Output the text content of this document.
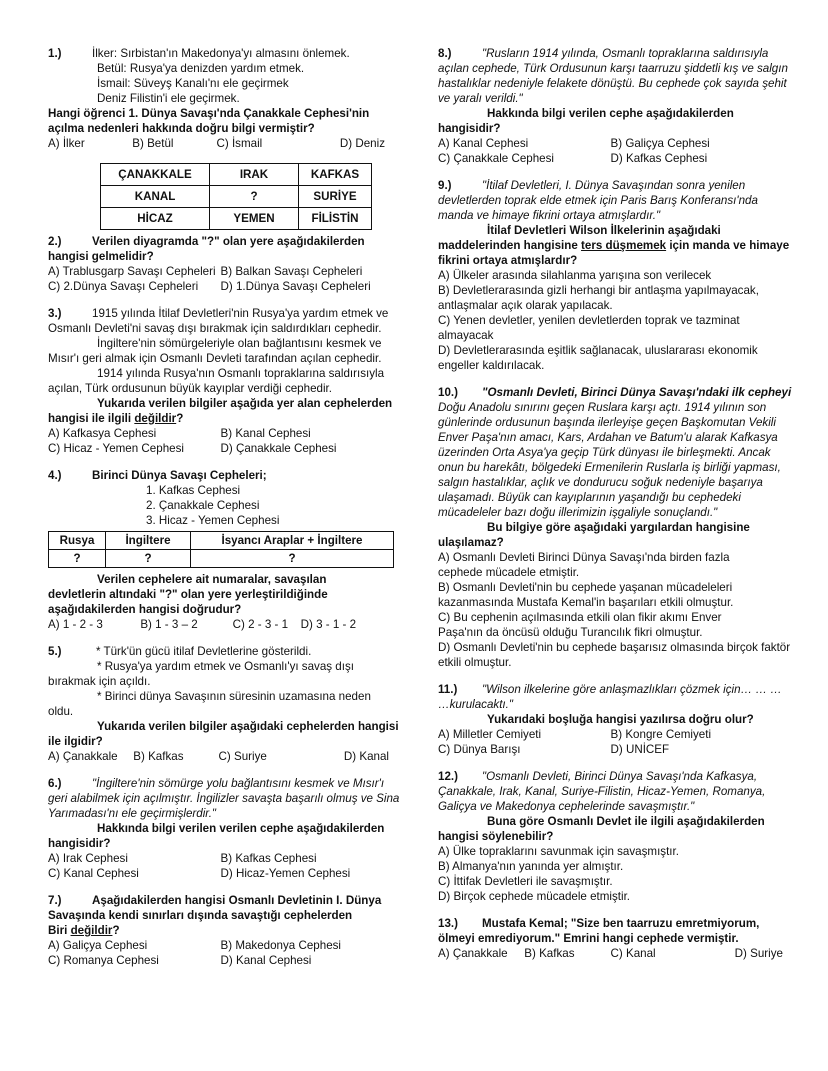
1.)	İlker: Sırbistan'ın Makedonya'yı almasını önlemek.
Betül: Rusya'ya denizden yardım etmek.
İsmail: Süveyş Kanalı'nı ele geçirmek
Deniz Filistin'i ele geçirmek.
Hangi öğrenci 1. Dünya Savaşı'nda Çanakkale Cephesi'nin
açılma nedenleri hakkında doğru bilgi vermiştir?
A) İlker	B) Betül	C) İsmail	D) Deniz
ÇANAKKALE	IRAK	KAFKAS
KANAL	?	SURİYE
HİCAZ	YEMEN	FİLİSTİN
2.)	Verilen diyagramda "?" olan yere aşağıdakilerden
hangisi gelmelidir?
A) Trablusgarp Savaşı Cepheleri B) Balkan Savaşı Cepheleri
C) 2.Dünya Savaşı Cepheleri	D) 1.Dünya Savaşı Cepheleri
3.)	1915 yılında İtilaf Devletleri'nin Rusya'ya yardım etmek ve
Osmanlı Devleti'ni savaş dışı bırakmak için saldırdıkları cephedir.
İngiltere'nin sömürgeleriyle olan bağlantısını kesmek ve
Mısır'ı geri almak için Osmanlı Devleti tarafından açılan cephedir.
1914 yılında Rusya'nın Osmanlı topraklarına saldırısıyla
açılan, Türk ordusunun büyük kayıplar verdiği cephedir.
Yukarıda verilen bilgiler aşağıda yer alan cephelerden
hangisi ile ilgili değildir?
A) Kafkasya Cephesi	B) Kanal Cephesi
C) Hicaz - Yemen Cephesi	D) Çanakkale Cephesi
4.)	Birinci Dünya Savaşı Cepheleri;
1. Kafkas Cephesi
2. Çanakkale Cephesi
3. Hicaz - Yemen Cephesi
Rusya	İngiltere	İsyancı Araplar + İngiltere
?	?	?
Verilen cephelere ait numaralar, savaşılan
devletlerin altındaki "?" olan yere yerleştirildiğinde
aşağıdakilerden hangisi doğrudur?
A) 1 - 2 - 3	B) 1 - 3 – 2	C) 2 - 3 - 1	D) 3 - 1 - 2
5.)	* Türk'ün gücü itilaf Devletlerine gösterildi.
* Rusya'ya yardım etmek ve Osmanlı'yı savaş dışı
bırakmak için açıldı.
* Birinci dünya Savaşının süresinin uzamasına neden
oldu.
Yukarıda verilen bilgiler aşağıdaki cephelerden hangisi
ile ilgidir?
A) Çanakkale	B) Kafkas	C) Suriye	D) Kanal
6.)	"İngiltere'nin sömürge yolu bağlantısını kesmek ve Mısır'ı
geri alabilmek için açılmıştır. İngilizler savaşta başarılı olmuş ve Sina
Yarımadası'nı ele geçirmişlerdir."
Hakkında bilgi verilen verilen cephe aşağıdakilerden
hangisidir?
A) Irak Cephesi	B) Kafkas Cephesi
C) Kanal Cephesi	D) Hicaz-Yemen Cephesi
7.)	Aşağıdakilerden hangisi Osmanlı Devletinin I. Dünya
Savaşında kendi sınırları dışında savaştığı cephelerden
Biri değildir?
A) Galiçya Cephesi	B) Makedonya Cephesi
C) Romanya Cephesi	D) Kanal Cephesi
8.)	"Rusların 1914 yılında, Osmanlı topraklarına saldırısıyla
açılan cephede, Türk Ordusunun karşı taarruzu şiddetli kış ve salgın
hastalıklar nedeniyle felakete dönüştü. Bu cephede çok sayıda şehit
ve yaralı verildi."
Hakkında bilgi verilen cephe aşağıdakilerden
hangisidir?
A) Kanal Cephesi	B) Galiçya Cephesi
C) Çanakkale Cephesi	D) Kafkas Cephesi
9.)	"İtilaf Devletleri, I. Dünya Savaşından sonra yenilen
devletlerden toprak elde etmek için Paris Barış Konferansı'nda
manda ve himaye fikrini ortaya atmışlardır."
İtilaf Devletleri Wilson İlkelerinin aşağıdaki
maddelerinden hangisine ters düşmemek için manda ve himaye
fikrini ortaya atmışlardır?
A) Ülkeler arasında silahlanma yarışına son verilecek
B) Devletlerarasında gizli herhangi bir antlaşma yapılmayacak,
antlaşmalar açık olarak yapılacak.
C) Yenen devletler, yenilen devletlerden toprak ve tazminat
almayacak
D) Devletlerarasında eşitlik sağlanacak, uluslararası ekonomik
engeller kaldırılacak.
10.) "Osmanlı Devleti, Birinci Dünya Savaşı'ndaki ilk cepheyi
Doğu Anadolu sınırını geçen Ruslara karşı açtı. 1914 yılının son
günlerinde ordusunun başında ilerleyişe geçen Başkomutan Vekili
Enver Paşa'nın amacı, Kars, Ardahan ve Batum'u alarak Kafkasya
üzerinden Orta Asya'ya geçip Türk dünyası ile birleşmekti. Ancak
onun bu harekâtı, bölgedeki Ermenilerin Ruslarla iş birliği yapması,
salgın hastalıklar, açlık ve dondurucu soğuk nedeniyle başarıya
ulaşamadı. Büyük can kayıplarının yaşandığı bu cephedeki
mücadeleler bazı doğu illerimizin işgaliyle sonuçlandı."
Bu bilgiye göre aşağıdaki yargılardan hangisine
ulaşılamaz?
A) Osmanlı Devleti Birinci Dünya Savaşı'nda birden fazla
cephede mücadele etmiştir.
B) Osmanlı Devleti'nin bu cephede yaşanan mücadeleleri
kazanmasında Mustafa Kemal'in başarıları etkili olmuştur.
C) Bu cephenin açılmasında etkili olan fikir akımı Enver
Paşa'nın da öncüsü olduğu Turancılık fikri olmuştur.
D) Osmanlı Devleti'nin bu cephede başarısız olmasında birçok faktör
etkili olmuştur.
11.) "Wilson ilkelerine göre anlaşmazlıkları çözmek için… … …
…kurulacaktı."
Yukarıdaki boşluğa hangisi yazılırsa doğru olur?
A) Milletler Cemiyeti	B) Kongre Cemiyeti
C) Dünya Barışı	D) UNİCEF
12.) "Osmanlı Devleti, Birinci Dünya Savaşı'nda Kafkasya,
Çanakkale, Irak, Kanal, Suriye-Filistin, Hicaz-Yemen, Romanya,
Galiçya ve Makedonya cephelerinde savaşmıştır."
Buna göre Osmanlı Devlet ile ilgili aşağıdakilerden
hangisi söylenebilir?
A) Ülke topraklarını savunmak için savaşmıştır.
B) Almanya'nın yanında yer almıştır.
C) İttifak Devletleri ile savaşmıştır.
D) Birçok cephede mücadele etmiştir.
13.) Mustafa Kemal; "Size ben taarruzu emretmiyorum,
ölmeyi emrediyorum." Emrini hangi cephede vermiştir.
A) Çanakkale	B) Kafkas	C) Kanal	D) Suriye
